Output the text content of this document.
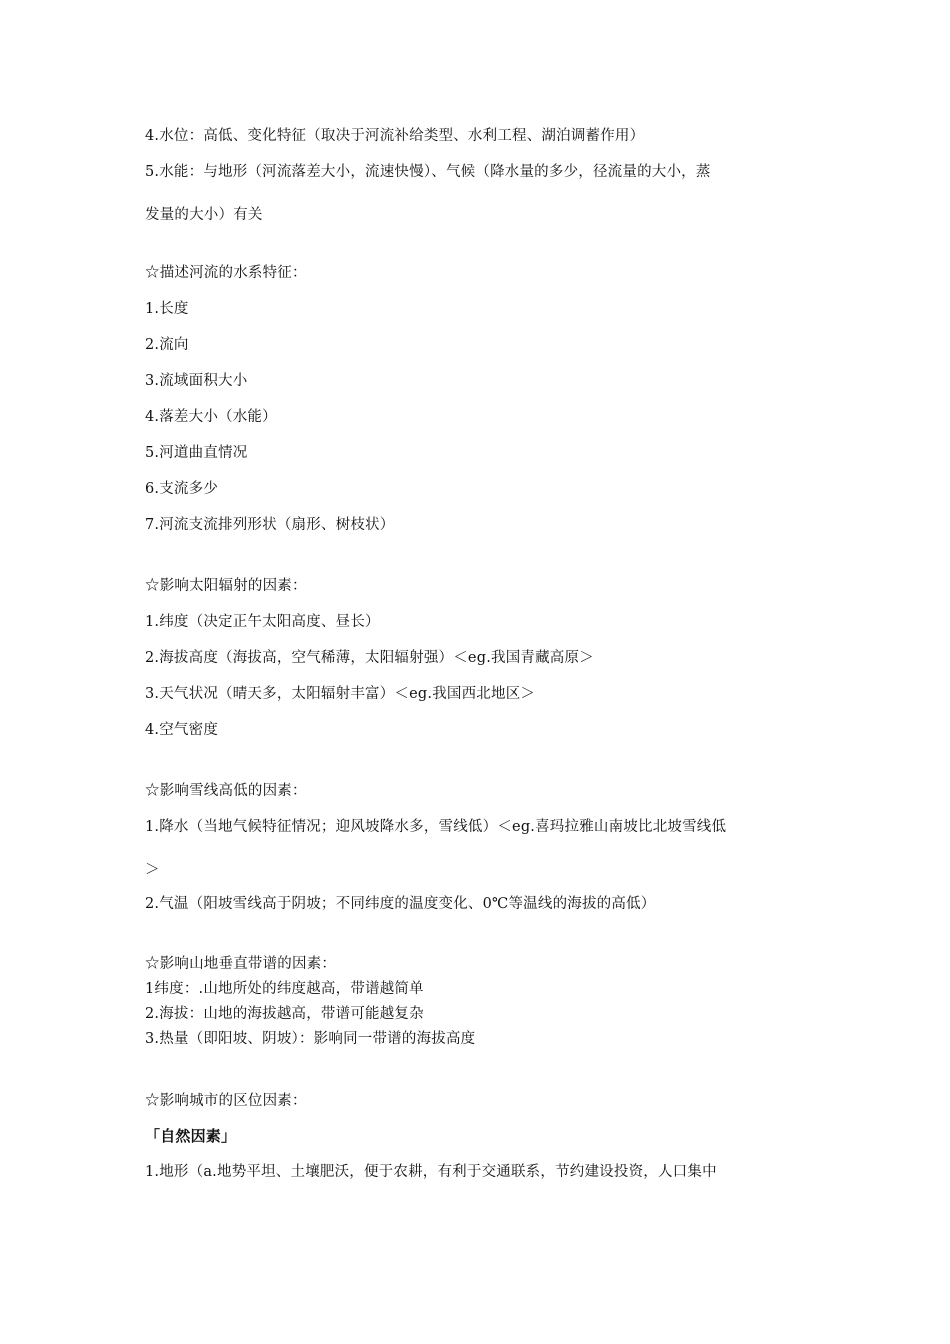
4.水位：高低、变化特征（取决于河流补给类型、水利工程、湖泊调蓄作用）
5.水能：与地形（河流落差大小，流速快慢）、气候（降水量的多少，径流量的大小，蒸
发量的大小）有关
☆描述河流的水系特征：
1.长度
2.流向
3.流域面积大小
4.落差大小（水能）
5.河道曲直情况
6.支流多少
7.河流支流排列形状（扇形、树枝状）
☆影响太阳辐射的因素：
1.纬度（决定正午太阳高度、昼长）
2.海拔高度（海拔高，空气稀薄，太阳辐射强）＜eg.我国青藏高原＞
3.天气状况（晴天多，太阳辐射丰富）＜eg.我国西北地区＞
4.空气密度
☆影响雪线高低的因素：
1.降水（当地气候特征情况；迎风坡降水多，雪线低）＜eg.喜玛拉雅山南坡比北坡雪线低
＞
2.气温（阳坡雪线高于阴坡；不同纬度的温度变化、0℃等温线的海拔的高低）
☆影响山地垂直带谱的因素：
1纬度：.山地所处的纬度越高，带谱越简单
2.海拔：山地的海拔越高，带谱可能越复杂
3.热量（即阳坡、阴坡）：影响同一带谱的海拔高度
☆影响城市的区位因素：
「自然因素」
1.地形（a.地势平坦、土壤肥沃，便于农耕，有利于交通联系，节约建设投资，人口集中
